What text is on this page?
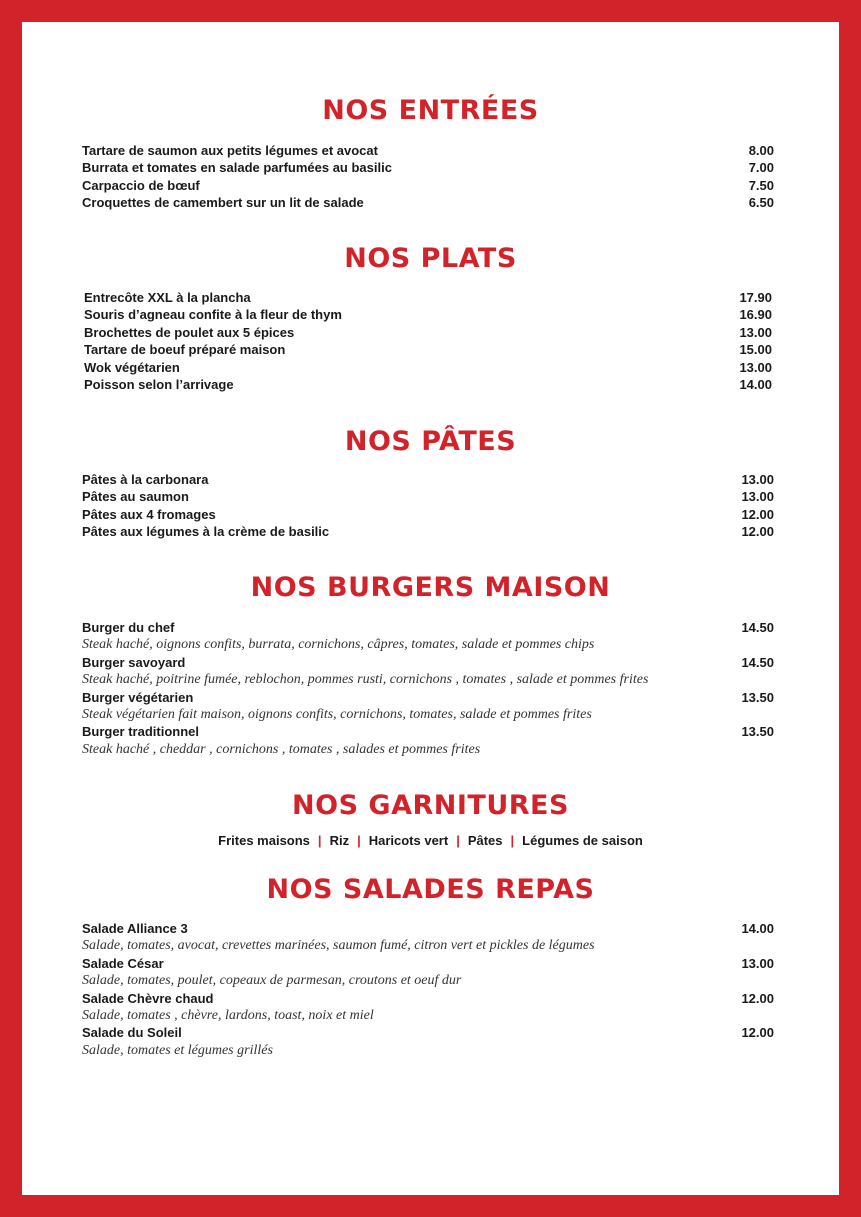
NOS ENTRÉES
Tartare de saumon aux petits légumes et avocat	8.00
Burrata et tomates en salade parfumées au basilic	7.00
Carpaccio de bœuf	7.50
Croquettes de camembert sur un lit de salade	6.50
NOS PLATS
Entrecôte XXL à la plancha	17.90
Souris d’agneau confite à la fleur de thym	16.90
Brochettes de poulet aux 5 épices	13.00
Tartare de boeuf préparé maison	15.00
Wok végétarien	13.00
Poisson selon l’arrivage	14.00
NOS PÂTES
Pâtes à la carbonara	13.00
Pâtes au saumon	13.00
Pâtes aux 4 fromages	12.00
Pâtes aux légumes à la crème de basilic	12.00
NOS BURGERS MAISON
Burger du chef	14.50
Steak haché, oignons confits, burrata, cornichons, câpres, tomates, salade et pommes chips
Burger savoyard	14.50
Steak haché, poitrine fumée, reblochon, pommes rusti, cornichons , tomates , salade et pommes frites
Burger végétarien	13.50
Steak végétarien fait maison, oignons confits, cornichons, tomates, salade et pommes frites
Burger traditionnel	13.50
Steak haché , cheddar , cornichons , tomates , salades et pommes frites
NOS GARNITURES
Frites maisons | Riz | Haricots vert | Pâtes | Légumes de saison
NOS SALADES REPAS
Salade Alliance 3	14.00
Salade, tomates, avocat, crevettes marinées, saumon fumé, citron vert et pickles de légumes
Salade César	13.00
Salade, tomates, poulet, copeaux de parmesan, croutons et oeuf dur
Salade Chèvre chaud	12.00
Salade, tomates , chèvre, lardons, toast, noix et miel
Salade du Soleil	12.00
Salade, tomates et légumes grillés
